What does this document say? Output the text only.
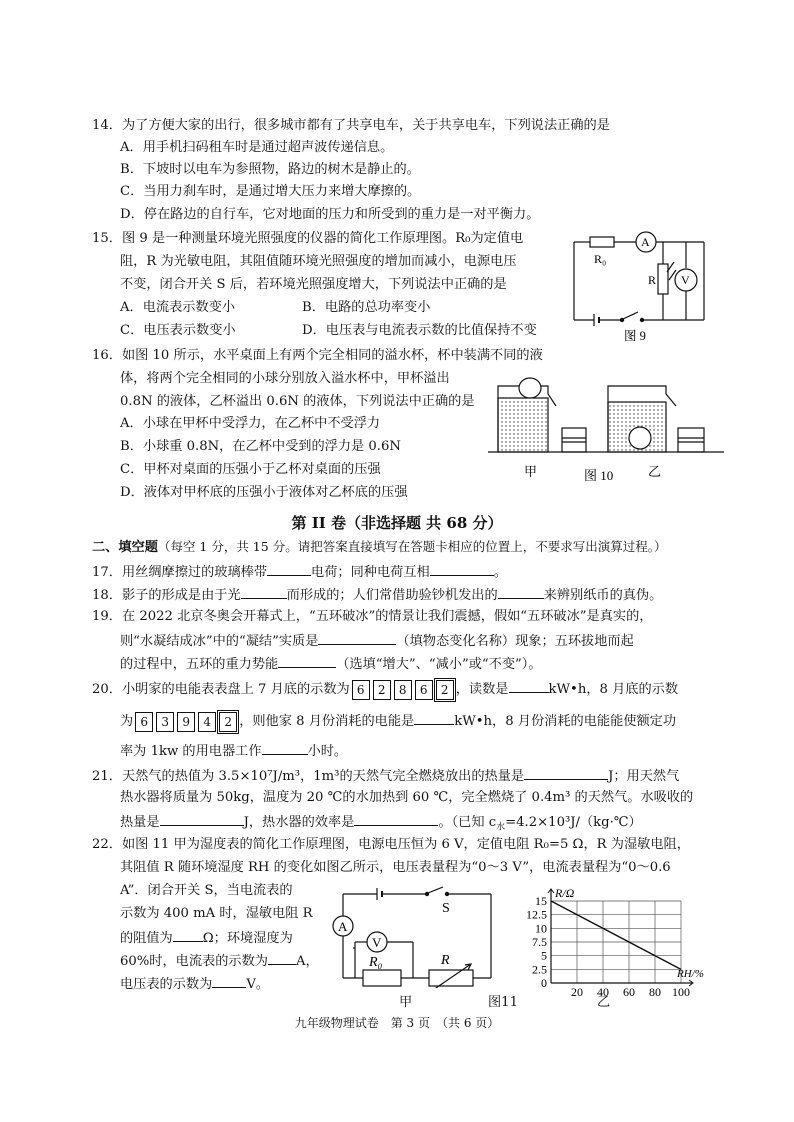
14．为了方便大家的出行，很多城市都有了共享电车，关于共享电车，下列说法正确的是
A．用手机扫码租车时是通过超声波传递信息。
B．下坡时以电车为参照物，路边的树木是静止的。
C．当用力刹车时，是通过增大压力来增大摩擦的。
D．停在路边的自行车，它对地面的压力和所受到的重力是一对平衡力。
15．图 9 是一种测量环境光照强度的仪器的简化工作原理图。R₀为定值电
阻，R 为光敏电阻，其阻值随环境光照强度的增加而减小，电源电压
不变，闭合开关 S 后，若环境光照强度增大，下列说法中正确的是
A．电流表示数变小	B．电路的总功率变小
C．电压表示数变小	D．电压表与电流表示数的比值保持不变
R₀
A
R V
图 9
16．如图 10 所示，水平桌面上有两个完全相同的溢水杯，杯中装满不同的液
体，将两个完全相同的小球分别放入溢水杯中，甲杯溢出
0.8N 的液体，乙杯溢出 0.6N 的液体，下列说法中正确的是
A．小球在甲杯中受浮力，在乙杯中不受浮力
B．小球重 0.8N，在乙杯中受到的浮力是 0.6N
C．甲杯对桌面的压强小于乙杯对桌面的压强
D．液体对甲杯底的压强小于液体对乙杯底的压强
甲	图 10	乙
第 II 卷（非选择题 共 68 分）
二、填空题（每空 1 分，共 15 分。请把答案直接填写在答题卡相应的位置上，不要求写出演算过程。）
17．用丝绸摩擦过的玻璃棒带	电荷；同种电荷互相	。
18．影子的形成是由于光	而形成的；人们常借助验钞机发出的	来辨别纸币的真伪。
19．在 2022 北京冬奥会开幕式上，“五环破冰”的情景让我们震撼，假如“五环破冰”是真实的，
则“水凝结成冰”中的“凝结”实质是	（填物态变化名称）现象；五环拔地而起
的过程中，五环的重力势能	（选填“增大”、“减小”或“不变”）。
20．小明家的电能表表盘上 7 月底的示数为 6	2	8	6	2 ，读数是	kW•h，8 月底的示数
为 6	3	9	4	2 ，则他家 8 月份消耗的电能是	kW•h，8 月份消耗的电能能使额定功
率为 1kw 的用电器工作	小时。
21．天然气的热值为 3.5×10⁷J/m³，1m³的天然气完全燃烧放出的热量是	J；用天然气
热水器将质量为 50kg，温度为 20 ℃的水加热到 60 ℃，完全燃烧了 0.4m³ 的天然气。水吸收的
热量是	J，热水器的效率是	。（已知 $c_水=4.2\times 10^3J/(kg\cdot℃)$
22．如图 11 甲为湿度表的简化工作原理图，电源电压恒为 6 V，定值电阻 R₀=5 Ω，R 为湿敏电阻，
其阻值 R 随环境湿度 RH 的变化如图乙所示，电压表量程为“0～3 V”，电流表量程为“0～0.6
A”．闭合开关 S，当电流表的
示数为 400 mA 时，湿敏电阻 R
的阻值为 Ω；环境湿度为
60%时，电流表的示数为 A，
电压表的示数为	V。
A
V
S
R₀	R
甲	图11	乙
0
2.5
5
7.5
10
12.5
15
20 40 60 80 100
R/Ω
RH/%
九年级物理试卷　第 3 页　（共 6 页）
